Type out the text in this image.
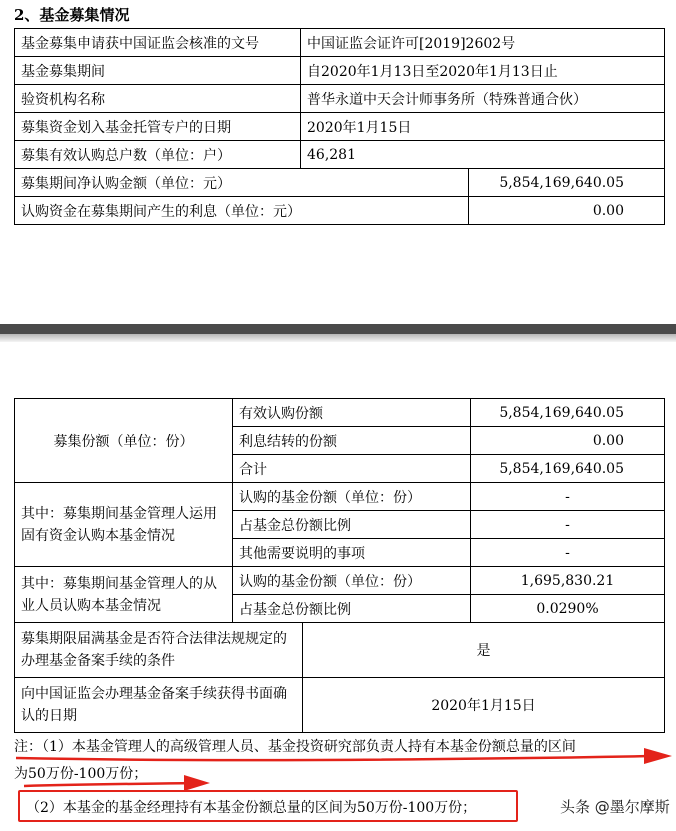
2、基金募集情况
基金募集申请获中国证监会核准的文号	中国证监会证许可[2019]2602号	
基金募集期间	自2020年1月13日至2020年1月13日止	
验资机构名称	普华永道中天会计师事务所（特殊普通合伙）	
募集资金划入基金托管专户的日期	2020年1月15日	
募集有效认购总户数（单位：户）	46,281	
募集期间净认购金额（单位：元）		5,854,169,640.05
认购资金在募集期间产生的利息（单位：元）		0.00
募集份额（单位：份）	有效认购份额		5,854,169,640.05
	利息结转的份额		0.00
	合计		5,854,169,640.05
其中：募集期间基金管理人运用固有资金认购本基金情况	认购的基金份额（单位：份）		-
	占基金总份额比例		-
	其他需要说明的事项		-
其中：募集期间基金管理人的从业人员认购本基金情况	认购的基金份额（单位：份）		1,695,830.21
	占基金总份额比例		0.0290%
募集期限届满基金是否符合法律法规规定的办理基金备案手续的条件		是	
向中国证监会办理基金备案手续获得书面确认的日期		2020年1月15日	
注：（1）本基金管理人的高级管理人员、基金投资研究部负责人持有本基金份额总量的区间
为50万份-100万份；
（2）本基金的基金经理持有本基金份额总量的区间为50万份-100万份；	头条 @墨尔摩斯
